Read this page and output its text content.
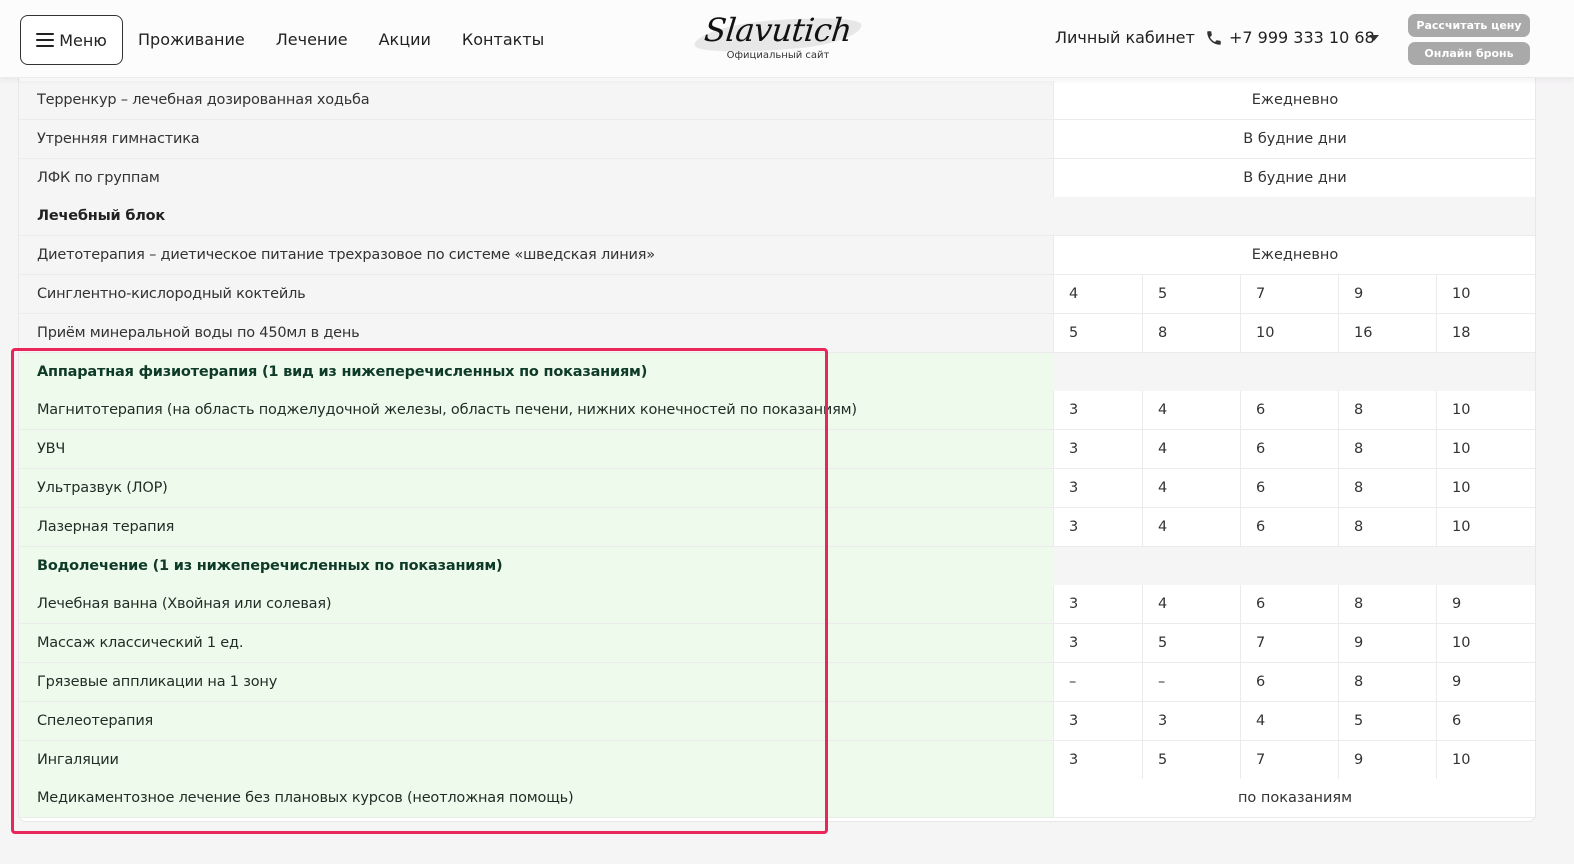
Меню Проживание Лечение Акции Контакты	Slavutich
Официальный сайт
Личный кабинет +7 999 333 10 68
Рассчитать цену
Онлайн бронь
Терренкур – лечебная дозированная ходьба	Ежедневно
Утренняя гимнастика	В будние дни
ЛФК по группам	В будние дни
Лечебный блок
Диетотерапия – диетическое питание трехразовое по системе «шведская линия»	Ежедневно
Синглентно-кислородный коктейль	4	5	7	9	10
Приём минеральной воды по 450мл в день	5	8	10	16	18
Аппаратная физиотерапия (1 вид из нижеперечисленных по показаниям)
Магнитотерапия (на область поджелудочной железы, область печени, нижних конечностей по показаниям)	3	4	6	8	10
УВЧ	3	4	6	8	10
Ультразвук (ЛОР)	3	4	6	8	10
Лазерная терапия	3	4	6	8	10
Водолечение (1 из нижеперечисленных по показаниям)
Лечебная ванна (Хвойная или солевая)	3	4	6	8	9
Массаж классический 1 ед.	3	5	7	9	10
Грязевые аппликации на 1 зону	–	–	6	8	9
Спелеотерапия	3	3	4	5	6
Ингаляции	3	5	7	9	10
Медикаментозное лечение без плановых курсов (неотложная помощь)	по показаниям
